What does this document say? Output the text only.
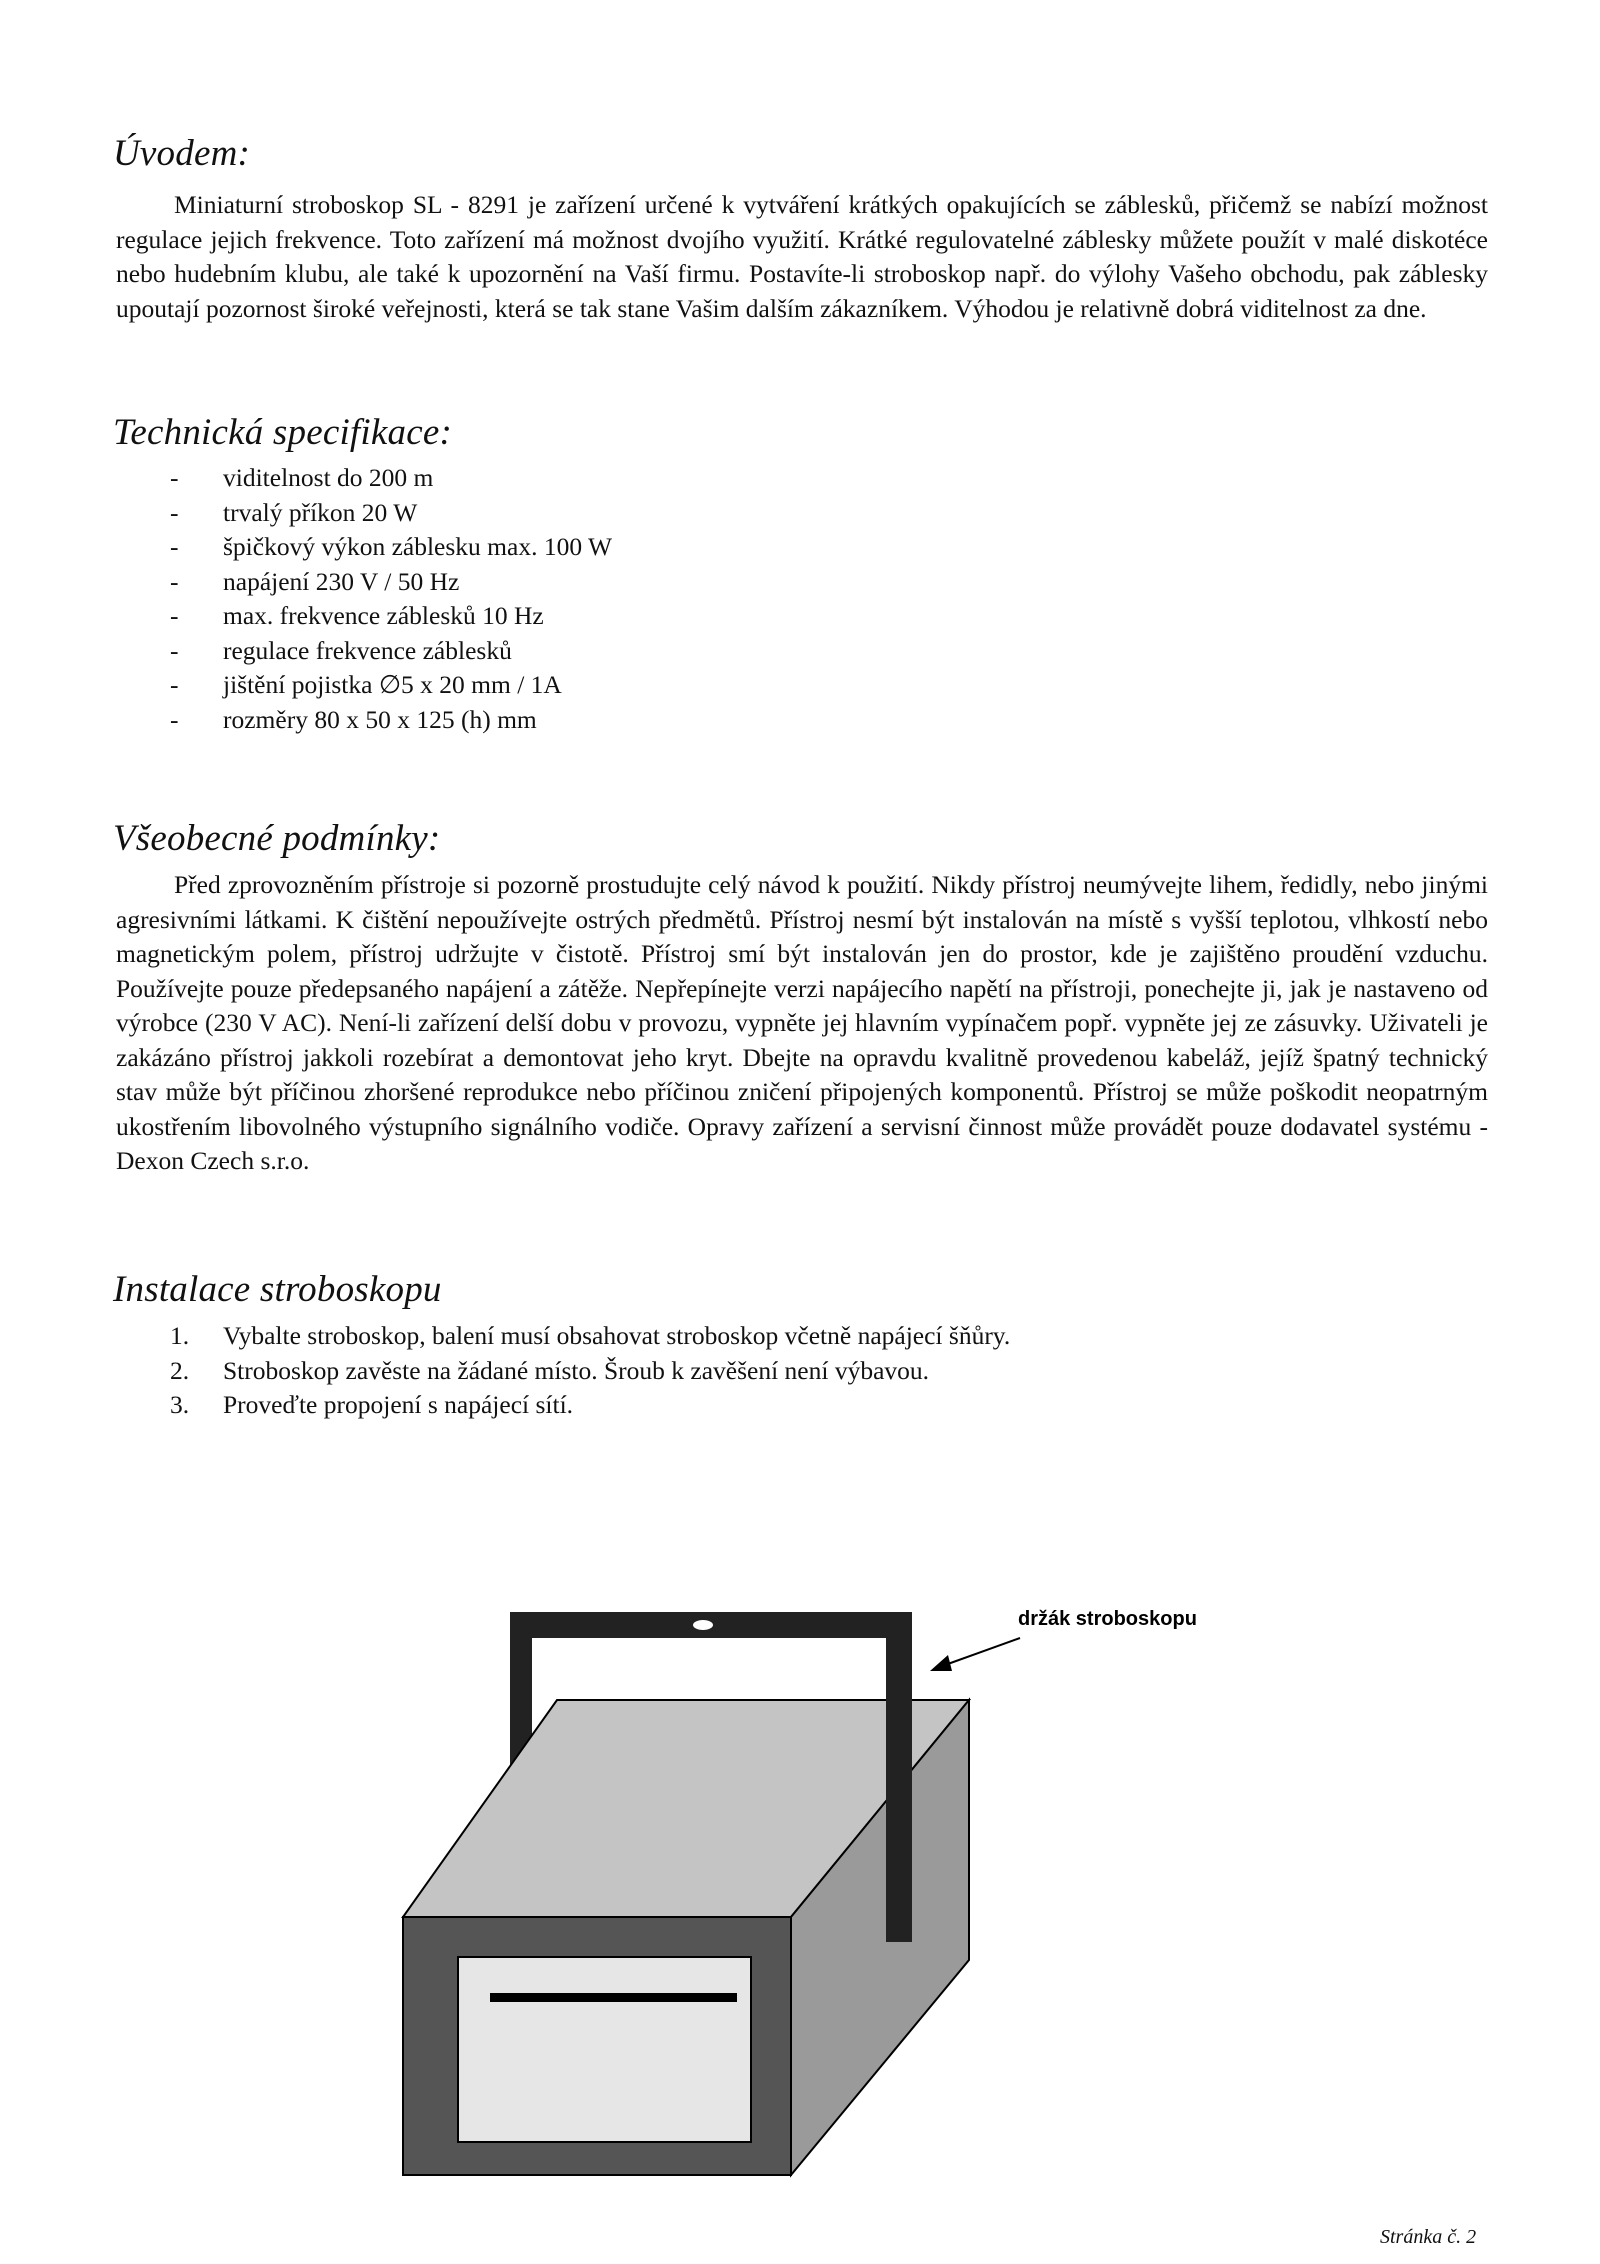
Úvodem:

Miniaturní stroboskop SL - 8291 je zařízení určené k vytváření krátkých opakujících se záblesků, přičemž se nabízí možnost regulace jejich frekvence. Toto zařízení má možnost dvojího využití. Krátké regulovatelné záblesky můžete použít v malé diskotéce nebo hudebním klubu, ale také k upozornění na Vaší firmu. Postavíte-li stroboskop např. do výlohy Vašeho obchodu, pak záblesky upoutají pozornost široké veřejnosti, která se tak stane Vašim dalším zákazníkem. Výhodou je relativně dobrá viditelnost za dne.

Technická specifikace:
- viditelnost do 200 m
- trvalý příkon 20 W
- špičkový výkon záblesku max. 100 W
- napájení 230 V / 50 Hz
- max. frekvence záblesků 10 Hz
- regulace frekvence záblesků
- jištění pojistka ∅5 x 20 mm / 1A
- rozměry 80 x 50 x 125 (h) mm
Všeobecné podmínky:

Před zprovozněním přístroje si pozorně prostudujte celý návod k použití. Nikdy přístroj neumývejte lihem, ředidly, nebo jinými agresivními látkami. K čištění nepoužívejte ostrých předmětů. Přístroj nesmí být instalován na místě s vyšší teplotou, vlhkostí nebo magnetickým polem, přístroj udržujte v čistotě. Přístroj smí být instalován jen do prostor, kde je zajištěno proudění vzduchu. Používejte pouze předepsaného napájení a zátěže. Nepřepínejte verzi napájecího napětí na přístroji, ponechejte ji, jak je nastaveno od výrobce (230 V AC). Není-li zařízení delší dobu v provozu, vypněte jej hlavním vypínačem popř. vypněte jej ze zásuvky. Uživateli je zakázáno přístroj jakkoli rozebírat a demontovat jeho kryt. Dbejte na opravdu kvalitně provedenou kabeláž, jejíž špatný technický stav může být příčinou zhoršené reprodukce nebo příčinou zničení připojených komponentů. Přístroj se může poškodit neopatrným ukostřením libovolného výstupního signálního vodiče. Opravy zařízení a servisní činnost může provádět pouze dodavatel systému - Dexon Czech s.r.o.

Instalace stroboskopu
1. Vybalte stroboskop, balení musí obsahovat stroboskop včetně napájecí šňůry.
2. Stroboskop zavěste na žádané místo. Šroub k zavěšení není výbavou.
3. Proveďte propojení s napájecí sítí.
držák stroboskopu
Stránka č. 2
